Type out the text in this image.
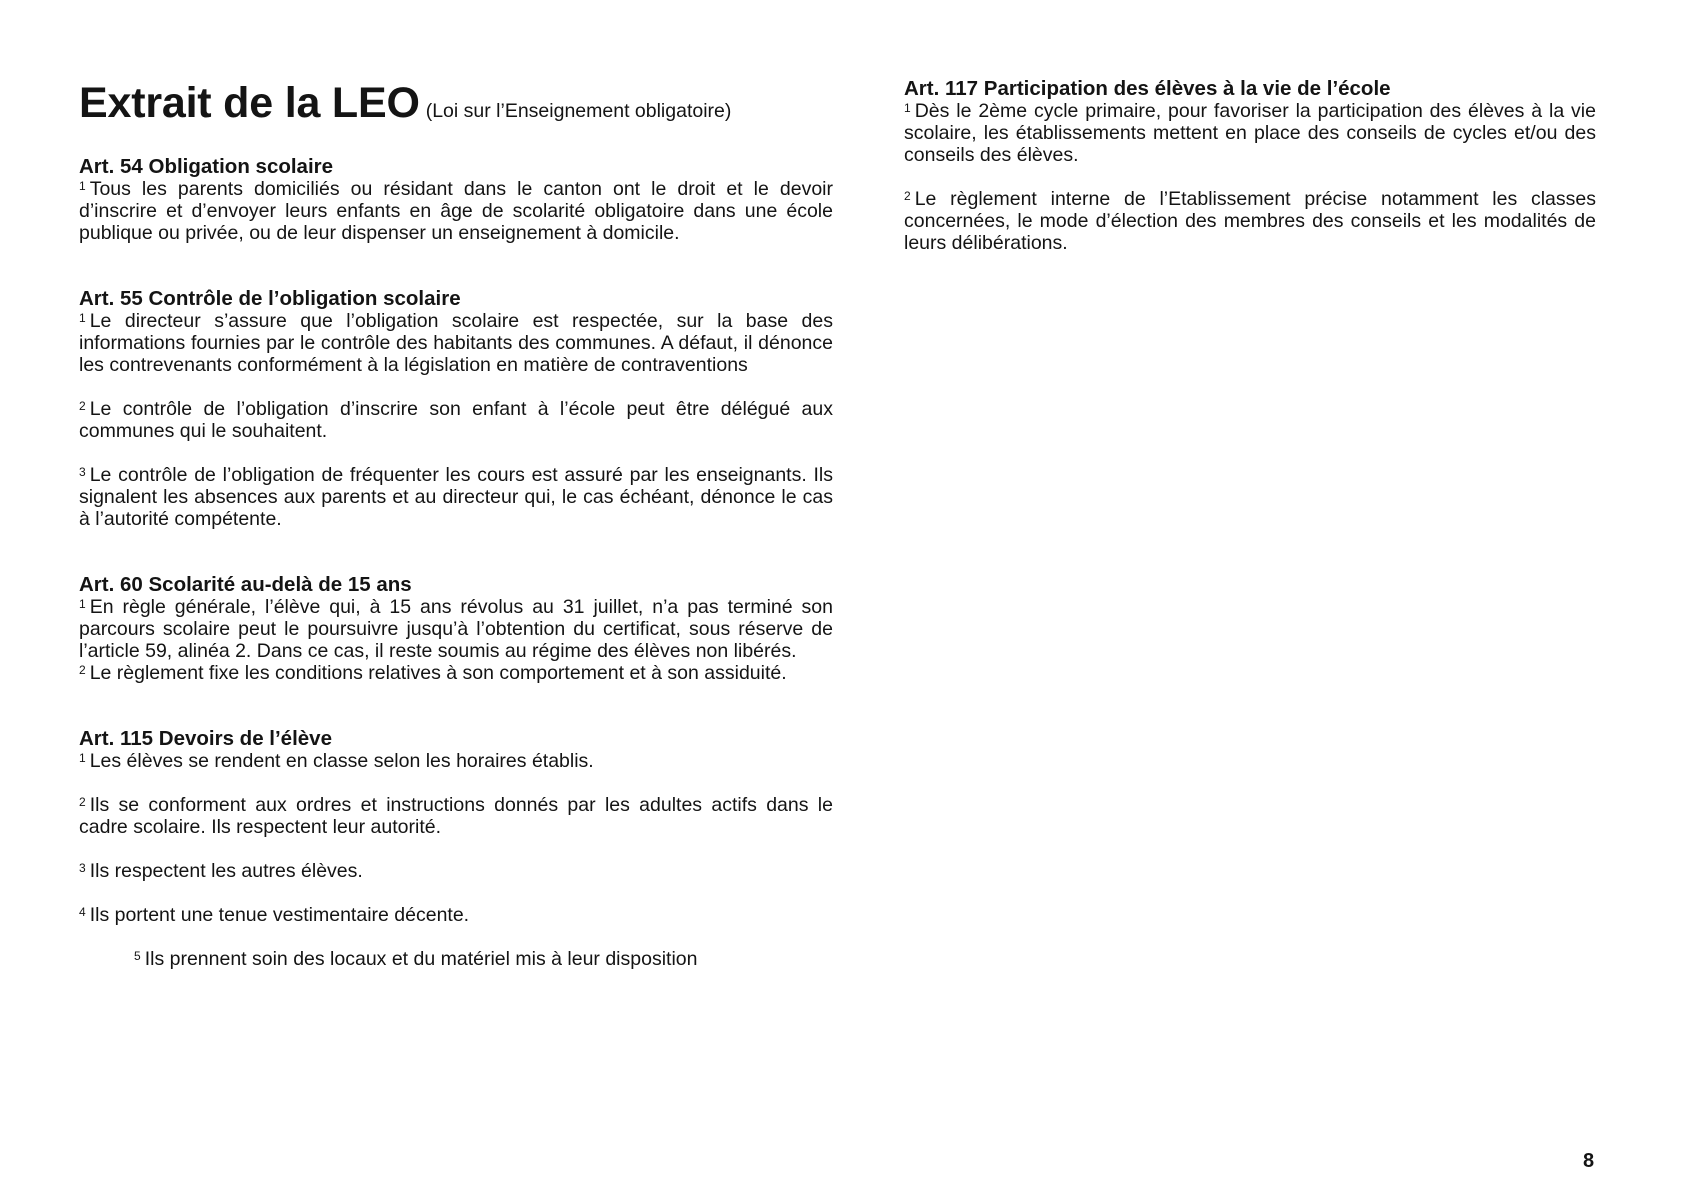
Extrait de la LEO (Loi sur l’Enseignement obligatoire)
Art. 54 Obligation scolaire

$^1$ Tous les parents domiciliés ou résidant dans le canton ont le droit et le devoir d’inscrire et d’envoyer leurs enfants en âge de scolarité obligatoire dans une école publique ou privée, ou de leur dispenser un enseignement à domicile.

Art. 55 Contrôle de l’obligation scolaire

$^1$ Le directeur s’assure que l’obligation scolaire est respectée, sur la base des informations fournies par le contrôle des habitants des communes. A défaut, il dénonce les contrevenants conformément à la législation en matière de contraventions

$^2$ Le contrôle de l’obligation d’inscrire son enfant à l’école peut être délégué aux communes qui le souhaitent.

$^3$ Le contrôle de l’obligation de fréquenter les cours est assuré par les enseignants. Ils signalent les absences aux parents et au directeur qui, le cas échéant, dénonce le cas à l’autorité compétente.

Art. 60 Scolarité au-delà de 15 ans

$^1$ En règle générale, l’élève qui, à 15 ans révolus au 31 juillet, n’a pas terminé son parcours scolaire peut le poursuivre jusqu’à l’obtention du certificat, sous réserve de l’article 59, alinéa 2. Dans ce cas, il reste soumis au régime des élèves non libérés.

$^2$ Le règlement fixe les conditions relatives à son comportement et à son assiduité.

Art. 115 Devoirs de l’élève

$^1$ Les élèves se rendent en classe selon les horaires établis.

$^2$ Ils se conforment aux ordres et instructions donnés par les adultes actifs dans le cadre scolaire. Ils respectent leur autorité.

$^3$ Ils respectent les autres élèves.

$^4$ Ils portent une tenue vestimentaire décente.

$^5$ Ils prennent soin des locaux et du matériel mis à leur disposition

Art. 117 Participation des élèves à la vie de l’école

$^1$ Dès le 2ème cycle primaire, pour favoriser la participation des élèves à la vie scolaire, les établissements mettent en place des conseils de cycles et/ou des conseils des élèves.

$^2$ Le règlement interne de l’Etablissement précise notamment les classes concernées, le mode d’élection des membres des conseils et les modalités de leurs délibérations.

8
